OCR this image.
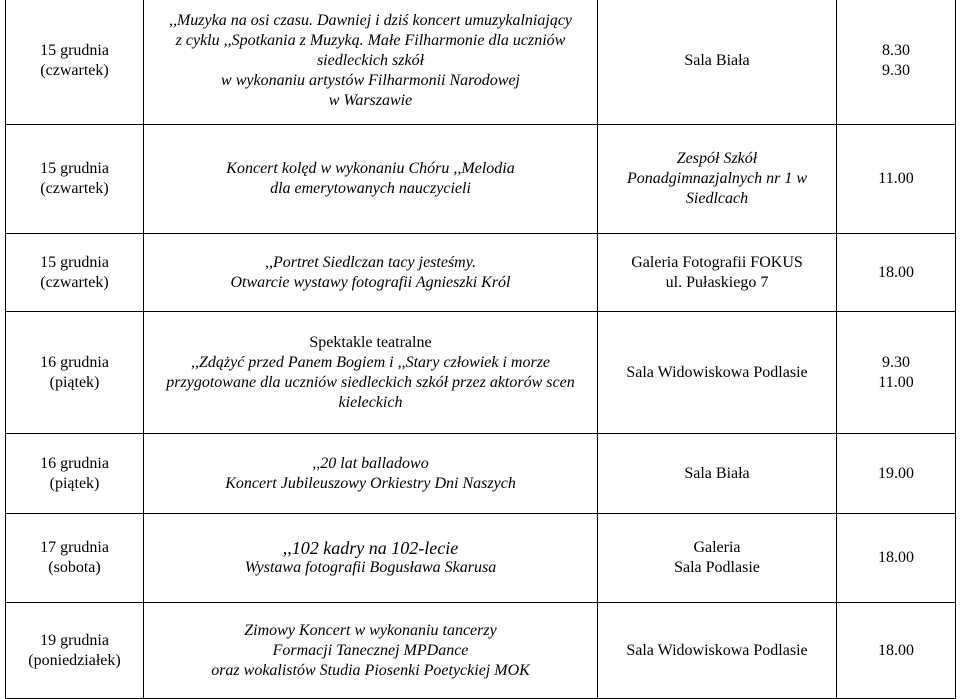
15 grudnia
(czwartek)	,,Muzyka na osi czasu. Dawniej i dziś koncert umuzykalniający
z cyklu ,,Spotkania z Muzyką. Małe Filharmonie dla uczniów
siedleckich szkół
w wykonaniu artystów Filharmonii Narodowej
w Warszawie	Sala Biała	8.30
9.30

15 grudnia
(czwartek)	Koncert kolęd w wykonaniu Chóru ,,Melodia
dla emerytowanych nauczycieli	Zespół Szkół
Ponadgimnazjalnych nr 1 w
Siedlcach	11.00

15 grudnia
(czwartek)	,,Portret Siedlczan tacy jesteśmy.
Otwarcie wystawy fotografii Agnieszki Król	Galeria Fotografii FOKUS
ul. Pułaskiego 7	18.00

16 grudnia
(piątek)	Spektakle teatralne
,,Zdążyć przed Panem Bogiem i ,,Stary człowiek i morze
przygotowane dla uczniów siedleckich szkół przez aktorów scen
kieleckich	Sala Widowiskowa Podlasie	9.30
11.00

16 grudnia
(piątek)	,,20 lat balladowo
Koncert Jubileuszowy Orkiestry Dni Naszych	Sala Biała	19.00

17 grudnia
(sobota)	,,102 kadry na 102-lecie
Wystawa fotografii Bogusława Skarusa	Galeria
Sala Podlasie	18.00

19 grudnia
(poniedziałek)	Zimowy Koncert w wykonaniu tancerzy
Formacji Tanecznej MPDance
oraz wokalistów Studia Piosenki Poetyckiej MOK	Sala Widowiskowa Podlasie	18.00
